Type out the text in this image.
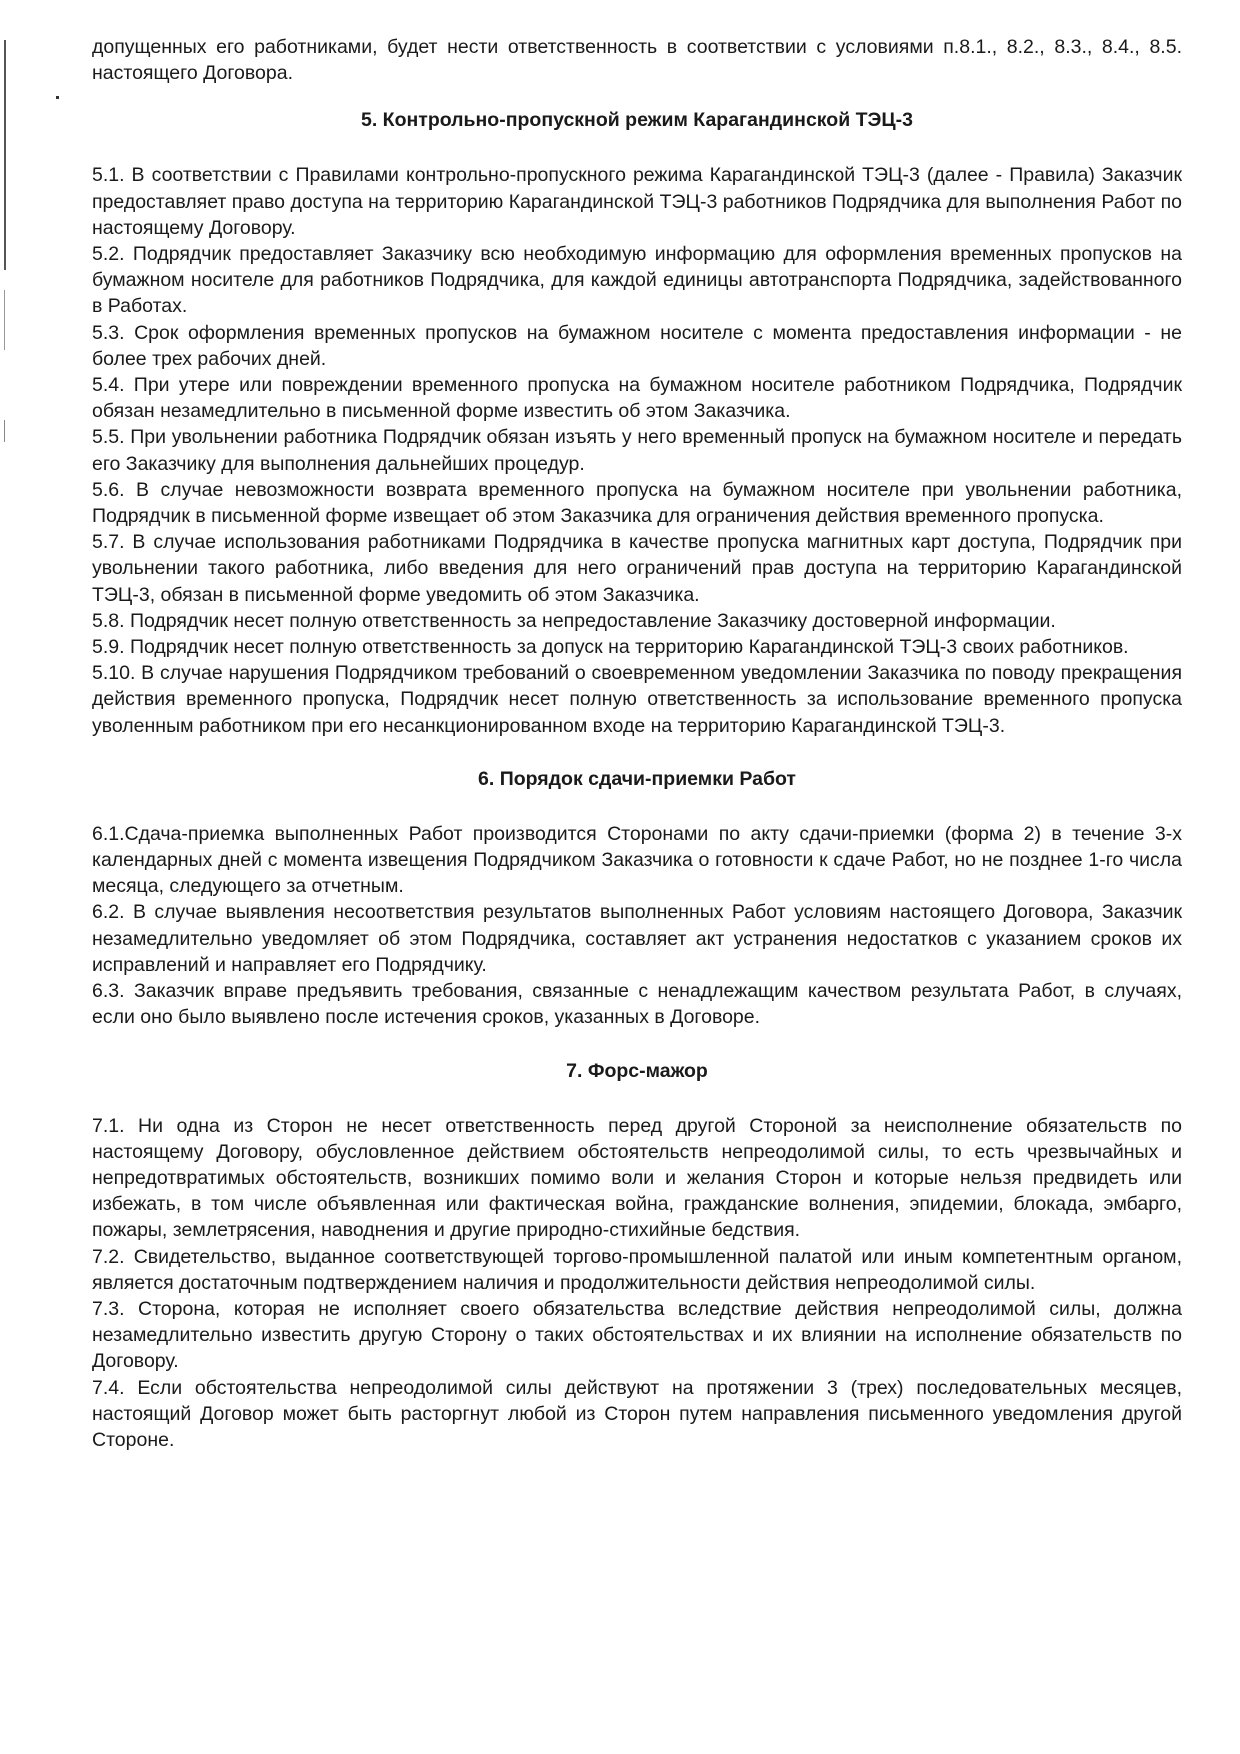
допущенных его работниками, будет нести ответственность в соответствии с условиями п.8.1., 8.2., 8.3., 8.4., 8.5. настоящего Договора.

5. Контрольно-пропускной режим Карагандинской ТЭЦ-3

5.1. В соответствии с Правилами контрольно-пропускного режима Карагандинской ТЭЦ-3 (далее - Правила) Заказчик предоставляет право доступа на территорию Карагандинской ТЭЦ-3 работников Подрядчика для выполнения Работ по настоящему Договору.

5.2. Подрядчик предоставляет Заказчику всю необходимую информацию для оформления временных пропусков на бумажном носителе для работников Подрядчика, для каждой единицы автотранспорта Подрядчика, задействованного в Работах.

5.3. Срок оформления временных пропусков на бумажном носителе с момента предоставления информации - не более трех рабочих дней.

5.4. При утере или повреждении временного пропуска на бумажном носителе работником Подрядчика, Подрядчик обязан незамедлительно в письменной форме известить об этом Заказчика.

5.5. При увольнении работника Подрядчик обязан изъять у него временный пропуск на бумажном носителе и передать его Заказчику для выполнения дальнейших процедур.

5.6. В случае невозможности возврата временного пропуска на бумажном носителе при увольнении работника, Подрядчик в письменной форме извещает об этом Заказчика для ограничения действия временного пропуска.

5.7. В случае использования работниками Подрядчика в качестве пропуска магнитных карт доступа, Подрядчик при увольнении такого работника, либо введения для него ограничений прав доступа на территорию Карагандинской ТЭЦ-3, обязан в письменной форме уведомить об этом Заказчика.

5.8. Подрядчик несет полную ответственность за непредоставление Заказчику достоверной информации.

5.9. Подрядчик несет полную ответственность за допуск на территорию Карагандинской ТЭЦ-3 своих работников.

5.10. В случае нарушения Подрядчиком требований о своевременном уведомлении Заказчика по поводу прекращения действия временного пропуска, Подрядчик несет полную ответственность за использование временного пропуска уволенным работником при его несанкционированном входе на территорию Карагандинской ТЭЦ-3.

6. Порядок сдачи-приемки Работ

6.1.Сдача-приемка выполненных Работ производится Сторонами по акту сдачи-приемки (форма 2) в течение 3-х календарных дней с момента извещения Подрядчиком Заказчика о готовности к сдаче Работ, но не позднее 1-го числа месяца, следующего за отчетным.

6.2. В случае выявления несоответствия результатов выполненных Работ условиям настоящего Договора, Заказчик незамедлительно уведомляет об этом Подрядчика, составляет акт устранения недостатков с указанием сроков их исправлений и направляет его Подрядчику.

6.3. Заказчик вправе предъявить требования, связанные с ненадлежащим качеством результата Работ, в случаях, если оно было выявлено после истечения сроков, указанных в Договоре.

7. Форс-мажор

7.1. Ни одна из Сторон не несет ответственность перед другой Стороной за неисполнение обязательств по настоящему Договору, обусловленное действием обстоятельств непреодолимой силы, то есть чрезвычайных и непредотвратимых обстоятельств, возникших помимо воли и желания Сторон и которые нельзя предвидеть или избежать, в том числе объявленная или фактическая война, гражданские волнения, эпидемии, блокада, эмбарго, пожары, землетрясения, наводнения и другие природно-стихийные бедствия.

7.2. Свидетельство, выданное соответствующей торгово-промышленной палатой или иным компетентным органом, является достаточным подтверждением наличия и продолжительности действия непреодолимой силы.

7.3. Сторона, которая не исполняет своего обязательства вследствие действия непреодолимой силы, должна незамедлительно известить другую Сторону о таких обстоятельствах и их влиянии на исполнение обязательств по Договору.

7.4. Если обстоятельства непреодолимой силы действуют на протяжении 3 (трех) последовательных месяцев, настоящий Договор может быть расторгнут любой из Сторон путем направления письменного уведомления другой Стороне.
